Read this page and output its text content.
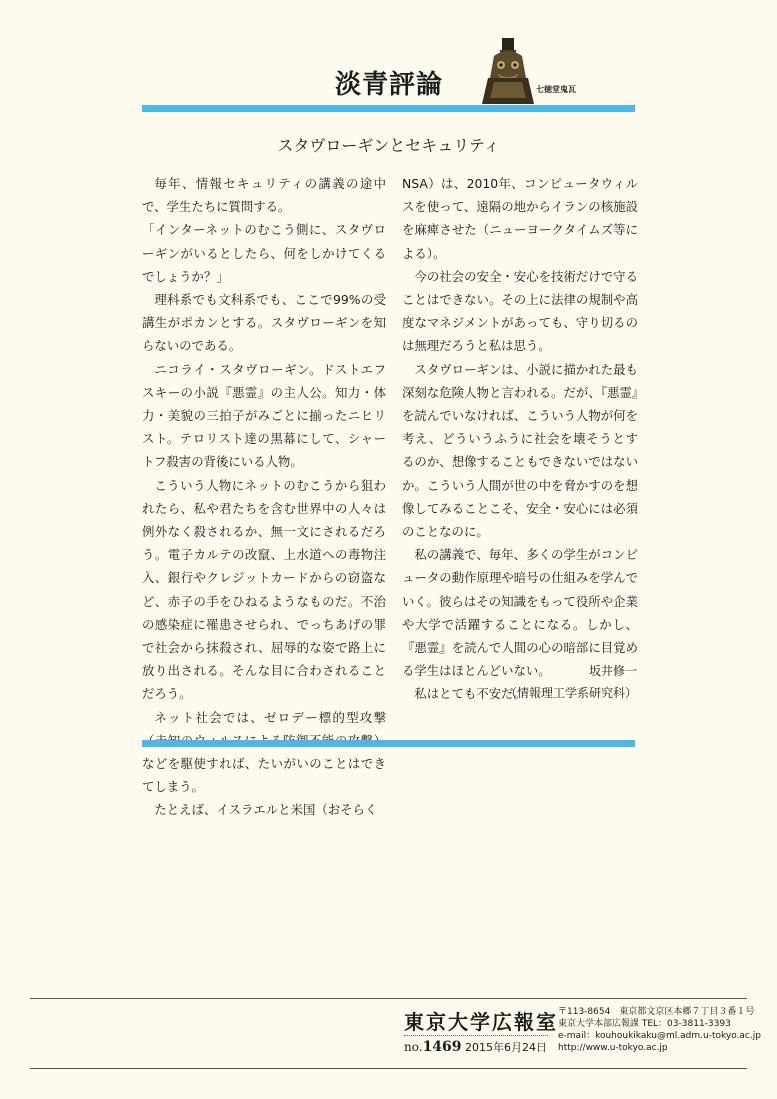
淡青評論	七徳堂鬼瓦
スタヴローギンとセキュリティ

毎年、情報セキュリティの講義の途中で、学生たちに質問する。

「インターネットのむこう側に、スタヴローギンがいるとしたら、何をしかけてくるでしょうか？」

理科系でも文科系でも、ここで99%の受講生がポカンとする。スタヴローギンを知らないのである。

ニコライ・スタヴローギン。ドストエフスキーの小説『悪霊』の主人公。知力・体力・美貌の三拍子がみごとに揃ったニヒリスト。テロリスト達の黒幕にして、シャートフ殺害の背後にいる人物。

こういう人物にネットのむこうから狙われたら、私や君たちを含む世界中の人々は例外なく殺されるか、無一文にされるだろう。電子カルテの改竄、上水道への毒物注入、銀行やクレジットカードからの窃盗など、赤子の手をひねるようなものだ。不治の感染症に罹患させられ、でっちあげの罪で社会から抹殺され、屈辱的な姿で路上に放り出される。そんな目に合わされることだろう。

ネット社会では、ゼロデー標的型攻撃 などを駆使すれば、たいがいのことはできてしまう。

たとえば、イスラエルと米国（おそらく

NSA）は、2010年、コンピュータウィルスを使って、遠隔の地からイランの核施設を麻痺させた（ニューヨークタイムズ等による）。

今の社会の安全・安心を技術だけで守ることはできない。その上に法律の規制や高度なマネジメントがあっても、守り切るのは無理だろうと私は思う。

スタヴローギンは、小説に描かれた最も深刻な危険人物と言われる。だが、『悪霊』を読んでいなければ、こういう人物が何を考え、どういうふうに社会を壊そうとするのか、想像することもできないではないか。こういう人間が世の中を脅かすのを想像してみることこそ、安全・安心には必須のことなのに。

私の講義で、毎年、多くの学生がコンピュータの動作原理や暗号の仕組みを学んでいく。彼らはその知識をもって役所や企業や大学で活躍することになる。しかし、『悪霊』を読んで人間の心の暗部に目覚める学生はほとんどいない。

私はとても不安だ。

坂井修一
（情報理工学系研究科）
東京大学広報室
no.1469 2015年6月24日
〒113-8654　東京都文京区本郷７丁目３番１号
東京大学本部広報課 TEL：03-3811-3393
e-mail：kouhoukikaku@ml.adm.u-tokyo.ac.jp
http://www.u-tokyo.ac.jp
